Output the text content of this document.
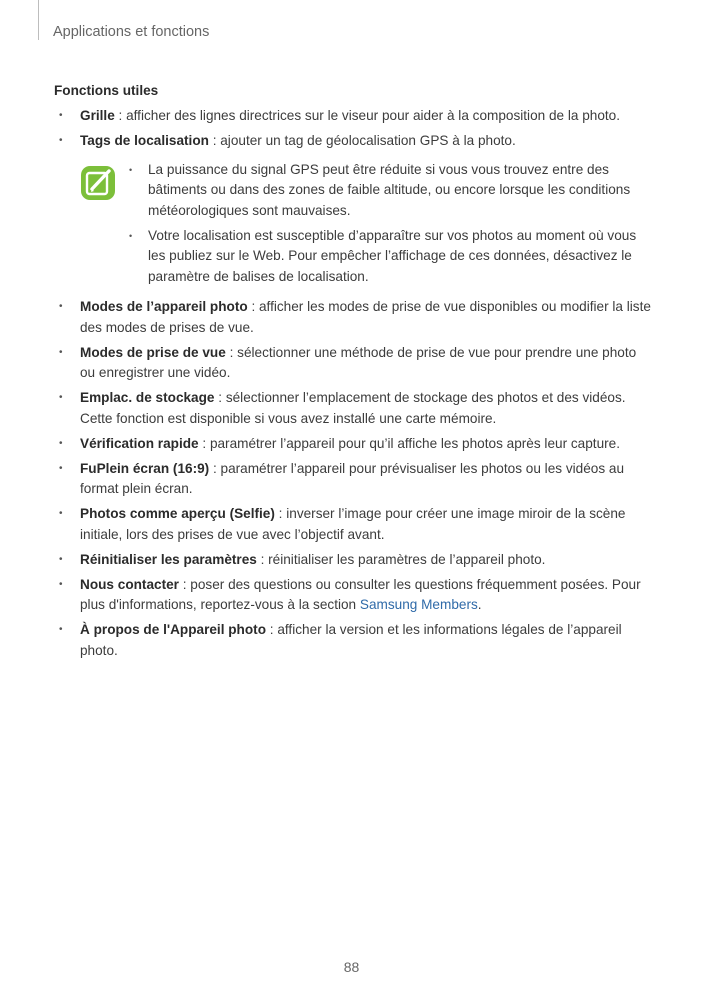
Applications et fonctions
Fonctions utiles
• Grille : afficher des lignes directrices sur le viseur pour aider à la composition de la photo.
• Tags de localisation : ajouter un tag de géolocalisation GPS à la photo.
• La puissance du signal GPS peut être réduite si vous vous trouvez entre des bâtiments ou dans des zones de faible altitude, ou encore lorsque les conditions météorologiques sont mauvaises.
• Votre localisation est susceptible d’apparaître sur vos photos au moment où vous les publiez sur le Web. Pour empêcher l’affichage de ces données, désactivez le paramètre de balises de localisation.
• Modes de l’appareil photo : afficher les modes de prise de vue disponibles ou modifier la liste des modes de prises de vue.
• Modes de prise de vue : sélectionner une méthode de prise de vue pour prendre une photo ou enregistrer une vidéo.
• Emplac. de stockage : sélectionner l’emplacement de stockage des photos et des vidéos. Cette fonction est disponible si vous avez installé une carte mémoire.
• Vérification rapide : paramétrer l’appareil pour qu’il affiche les photos après leur capture.
• FuPlein écran (16:9) : paramétrer l’appareil pour prévisualiser les photos ou les vidéos au format plein écran.
• Photos comme aperçu (Selfie) : inverser l’image pour créer une image miroir de la scène initiale, lors des prises de vue avec l’objectif avant.
• Réinitialiser les paramètres : réinitialiser les paramètres de l’appareil photo.
• Nous contacter : poser des questions ou consulter les questions fréquemment posées. Pour plus d'informations, reportez-vous à la section Samsung Members.
• À propos de l'Appareil photo : afficher la version et les informations légales de l’appareil photo.
88
